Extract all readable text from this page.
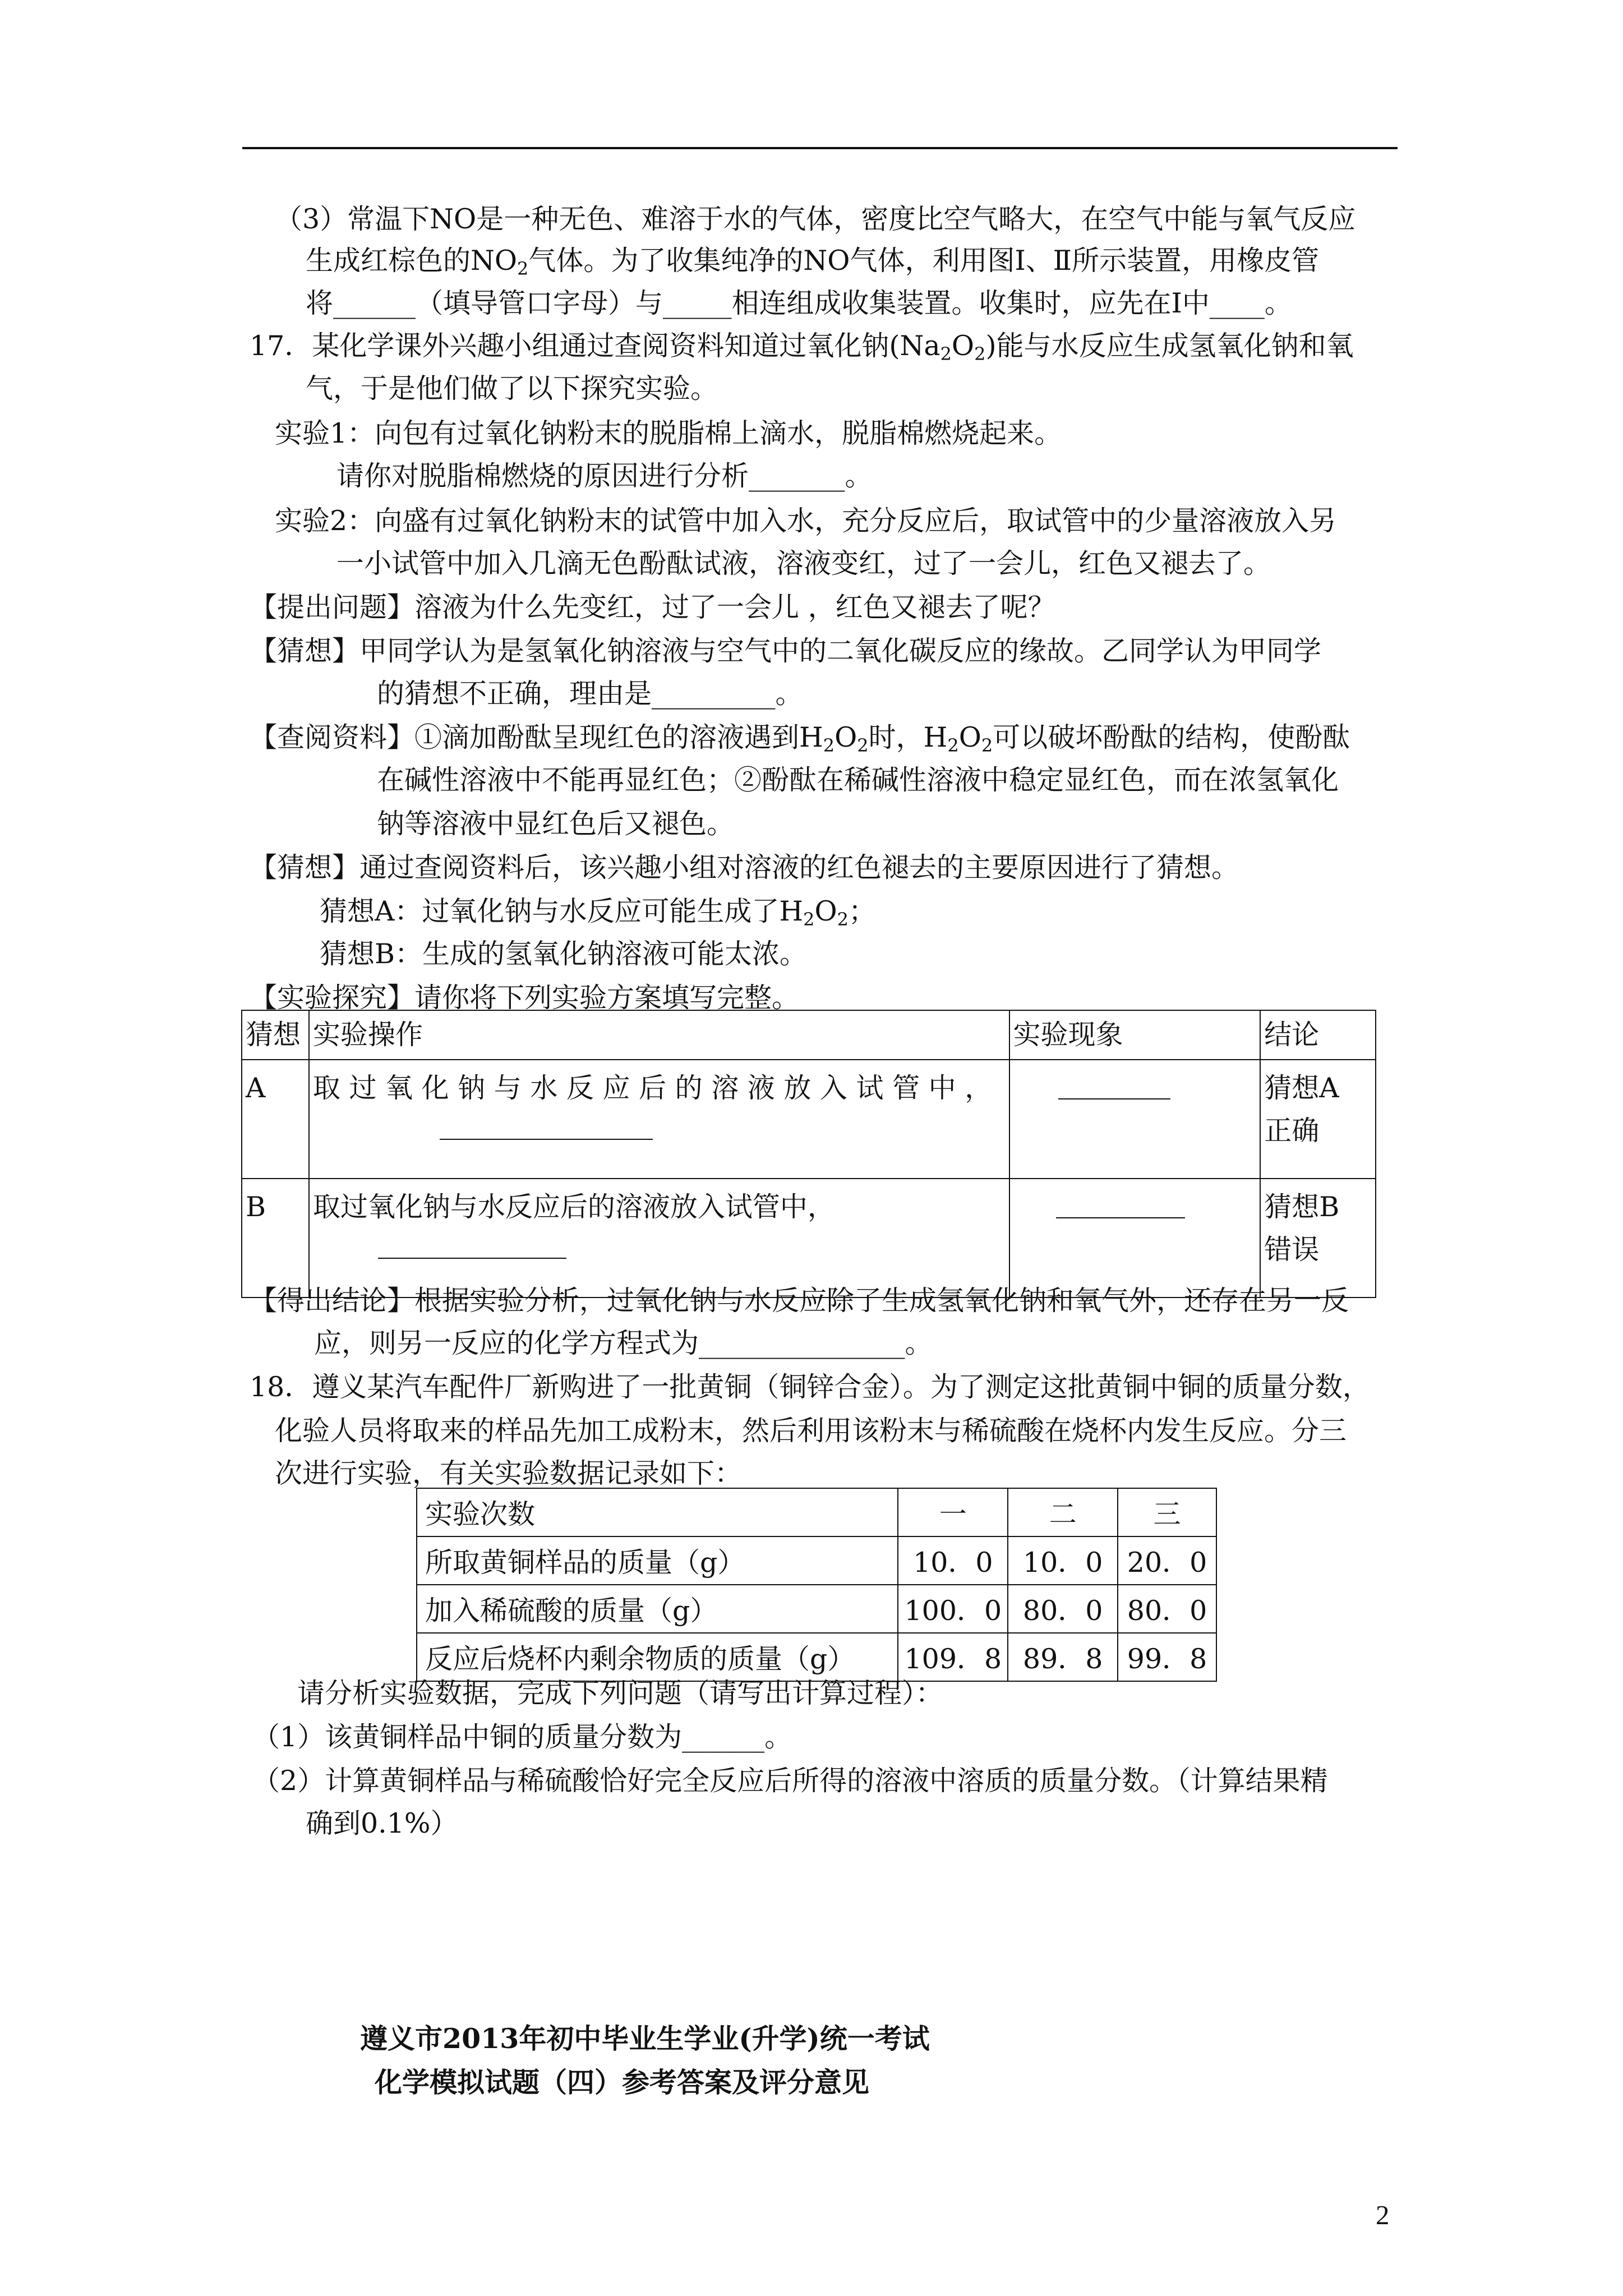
（3）常温下NO是一种无色、难溶于水的气体，密度比空气略大，在空气中能与氧气反应
生成红棕色的$NO_2$气体。为了收集纯净的NO气体，利用图Ⅰ、Ⅱ所示装置，用橡皮管
将______（填导管口字母）与_____相连组成收集装置。收集时，应先在Ⅰ中____。
17．某化学课外兴趣小组通过查阅资料知道过氧化钠$(Na_2O_2)$能与水反应生成氢氧化钠和氧
气，于是他们做了以下探究实验。
实验1：向包有过氧化钠粉末的脱脂棉上滴水，脱脂棉燃烧起来。
请你对脱脂棉燃烧的原因进行分析_______。
实验2：向盛有过氧化钠粉末的试管中加入水，充分反应后，取试管中的少量溶液放入另
一小试管中加入几滴无色酚酞试液，溶液变红，过了一会儿，红色又褪去了。
【提出问题】溶液为什么先变红，过了一会儿 ，红色又褪去了呢？
【猜想】甲同学认为是氢氧化钠溶液与空气中的二氧化碳反应的缘故。乙同学认为甲同学
的猜想不正确，理由是_________。
【查阅资料】①滴加酚酞呈现红色的溶液遇到$H_2O_2$时，$H_2O_2$可以破坏酚酞的结构，使酚酞
在碱性溶液中不能再显红色；②酚酞在稀碱性溶液中稳定显红色，而在浓氢氧化
钠等溶液中显红色后又褪色。
【猜想】通过查阅资料后，该兴趣小组对溶液的红色褪去的主要原因进行了猜想。
猜想A：过氧化钠与水反应可能生成了$H_2O_2$；
猜想B：生成的氢氧化钠溶液可能太浓。
【实验探究】请你将下列实验方案填写完整。
猜想	实验操作	实验现象	结论

A	取 过 氧 化 钠 与 水 反 应 后 的 溶 液 放 入 试 管 中 ，		猜想A
正确

B	取过氧化钠与水反应后的溶液放入试管中，		猜想B
错误
【得出结论】根据实验分析，过氧化钠与水反应除了生成氢氧化钠和氧气外，还存在另一反
应，则另一反应的化学方程式为_______________。
18．遵义某汽车配件厂新购进了一批黄铜（铜锌合金）。为了测定这批黄铜中铜的质量分数，
化验人员将取来的样品先加工成粉末，然后利用该粉末与稀硫酸在烧杯内发生反应。分三
次进行实验，有关实验数据记录如下：
实验次数	一	二	三
所取黄铜样品的质量（g）	10．0	10．0	20．0
加入稀硫酸的质量（g）	100．0	80．0	80．0
反应后烧杯内剩余物质的质量（g）	109．8	89．8	99．8
请分析实验数据，完成下列问题（请写出计算过程）：
（1）该黄铜样品中铜的质量分数为______。
（2）计算黄铜样品与稀硫酸恰好完全反应后所得的溶液中溶质的质量分数。（计算结果精
确到0.1%）
遵义市2013年初中毕业生学业(升学)统一考试
化学模拟试题（四）参考答案及评分意见
2
